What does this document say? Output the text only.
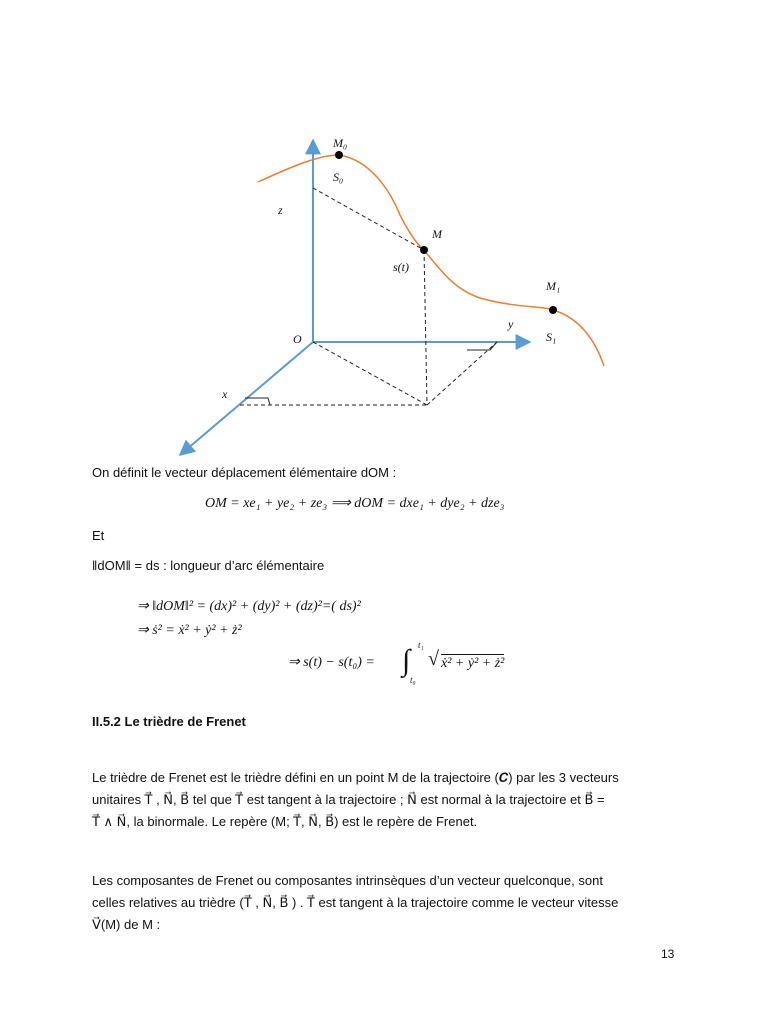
M₀
S₀
z
M
s(t)
M₁
y
S₁
O
x
On définit le vecteur déplacement élémentaire dOM :
OM = xe₁ + ye₂ + ze₃ ⟹ dOM = dxe₁ + dye₂ + dze₃
Et
‖dOM‖ = ds : longueur d’arc élémentaire
⇒ ‖dOM‖² = (dx)² + (dy)² + (dz)²=( ds)²
⇒ ṡ² = ẋ² + ẏ² + ż²
⇒ s(t) − s(t₀) = ∫ t₁
t₀
√ ẋ² + ẏ² + ż²
II.5.2 Le trièdre de Frenet
Le trièdre de Frenet est le trièdre défini en un point M de la trajectoire (𝑪) par les 3 vecteurs
unitaires T⃗ , N⃗, B⃗ tel que T⃗ est tangent à la trajectoire ; N⃗ est normal à la trajectoire et B⃗ =
T⃗ ∧ N⃗, la binormale. Le repère (M; T⃗, N⃗, B⃗) est le repère de Frenet.
Les composantes de Frenet ou composantes intrinsèques d’un vecteur quelconque, sont
celles relatives au trièdre (T⃗ , N⃗, B⃗ ) . T⃗ est tangent à la trajectoire comme le vecteur vitesse
V⃗(M) de M :
13
